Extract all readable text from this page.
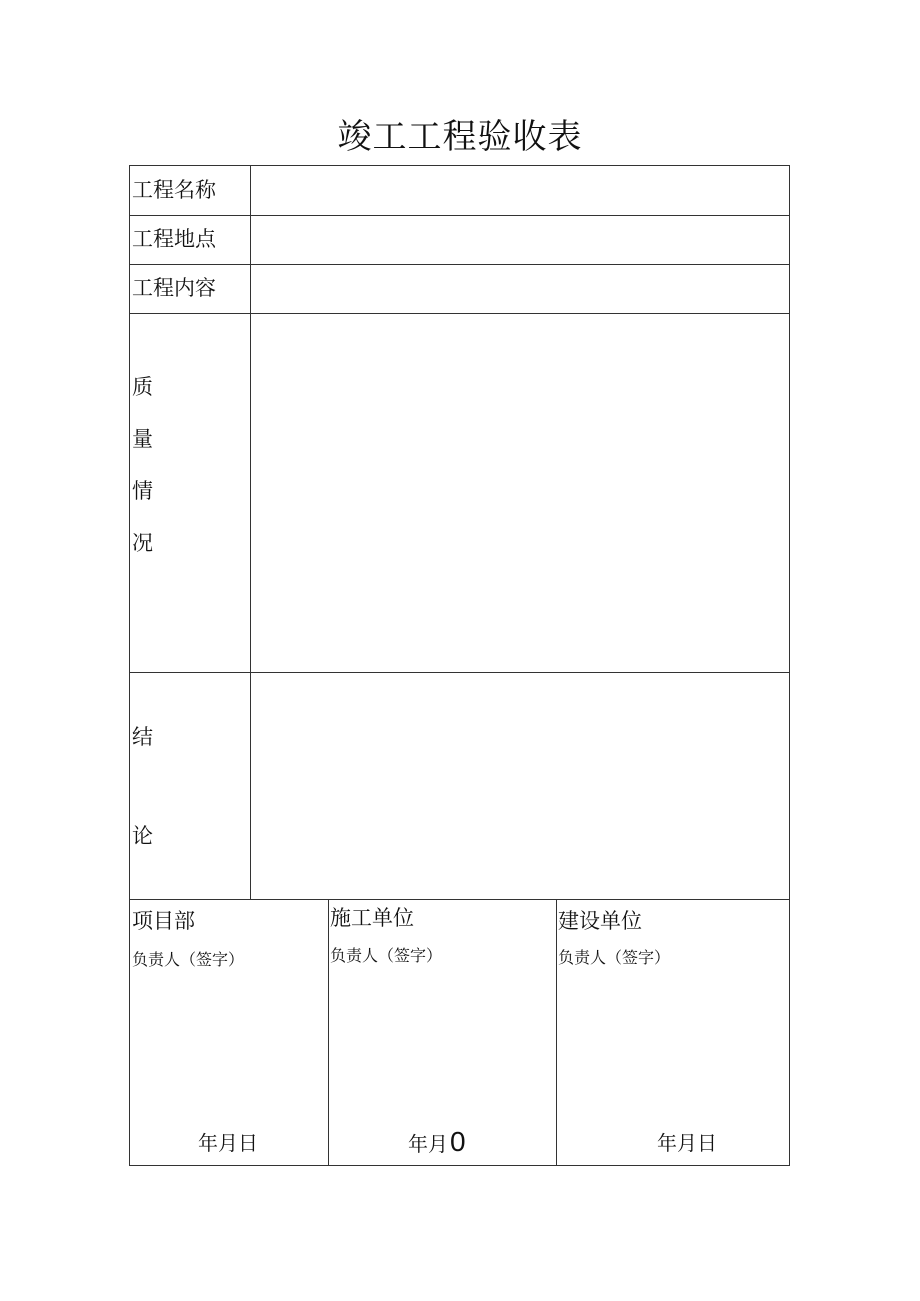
竣工工程验收表
工程名称
工程地点
工程内容
质
量
情
况
结
论
项目部
负责人（签字）
年月日
施工单位
负责人（签字）
年月0
建设单位
负责人（签字）
年月日
